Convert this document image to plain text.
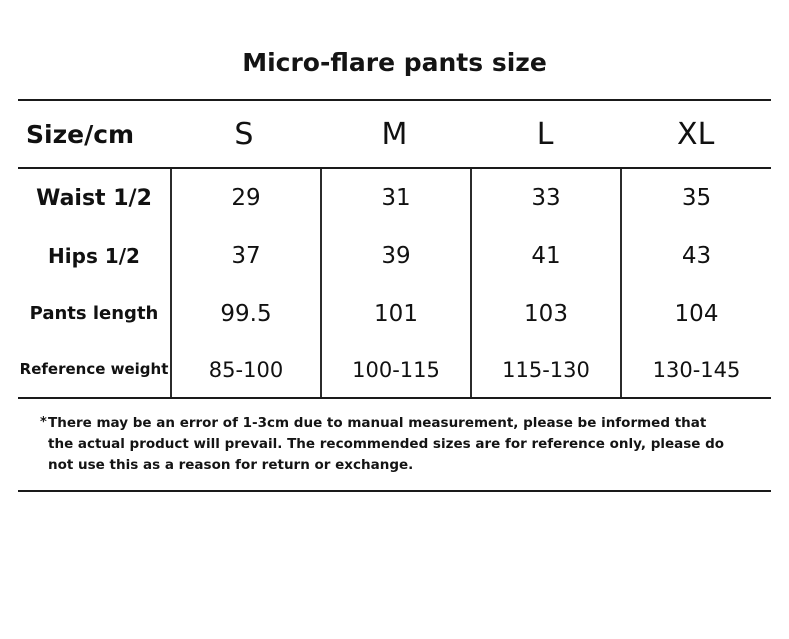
Micro-flare pants size
Size/cm	S	M	L	XL
Waist 1/2	29	31	33	35
Hips 1/2	37	39	41	43
Pants length	99.5	101	103	104
Reference weight	85-100	100-115	115-130	130-145
* There may be an error of 1-3cm due to manual measurement, please be informed that the actual product will prevail. The recommended sizes are for reference only, please do not use this as a reason for return or exchange.
